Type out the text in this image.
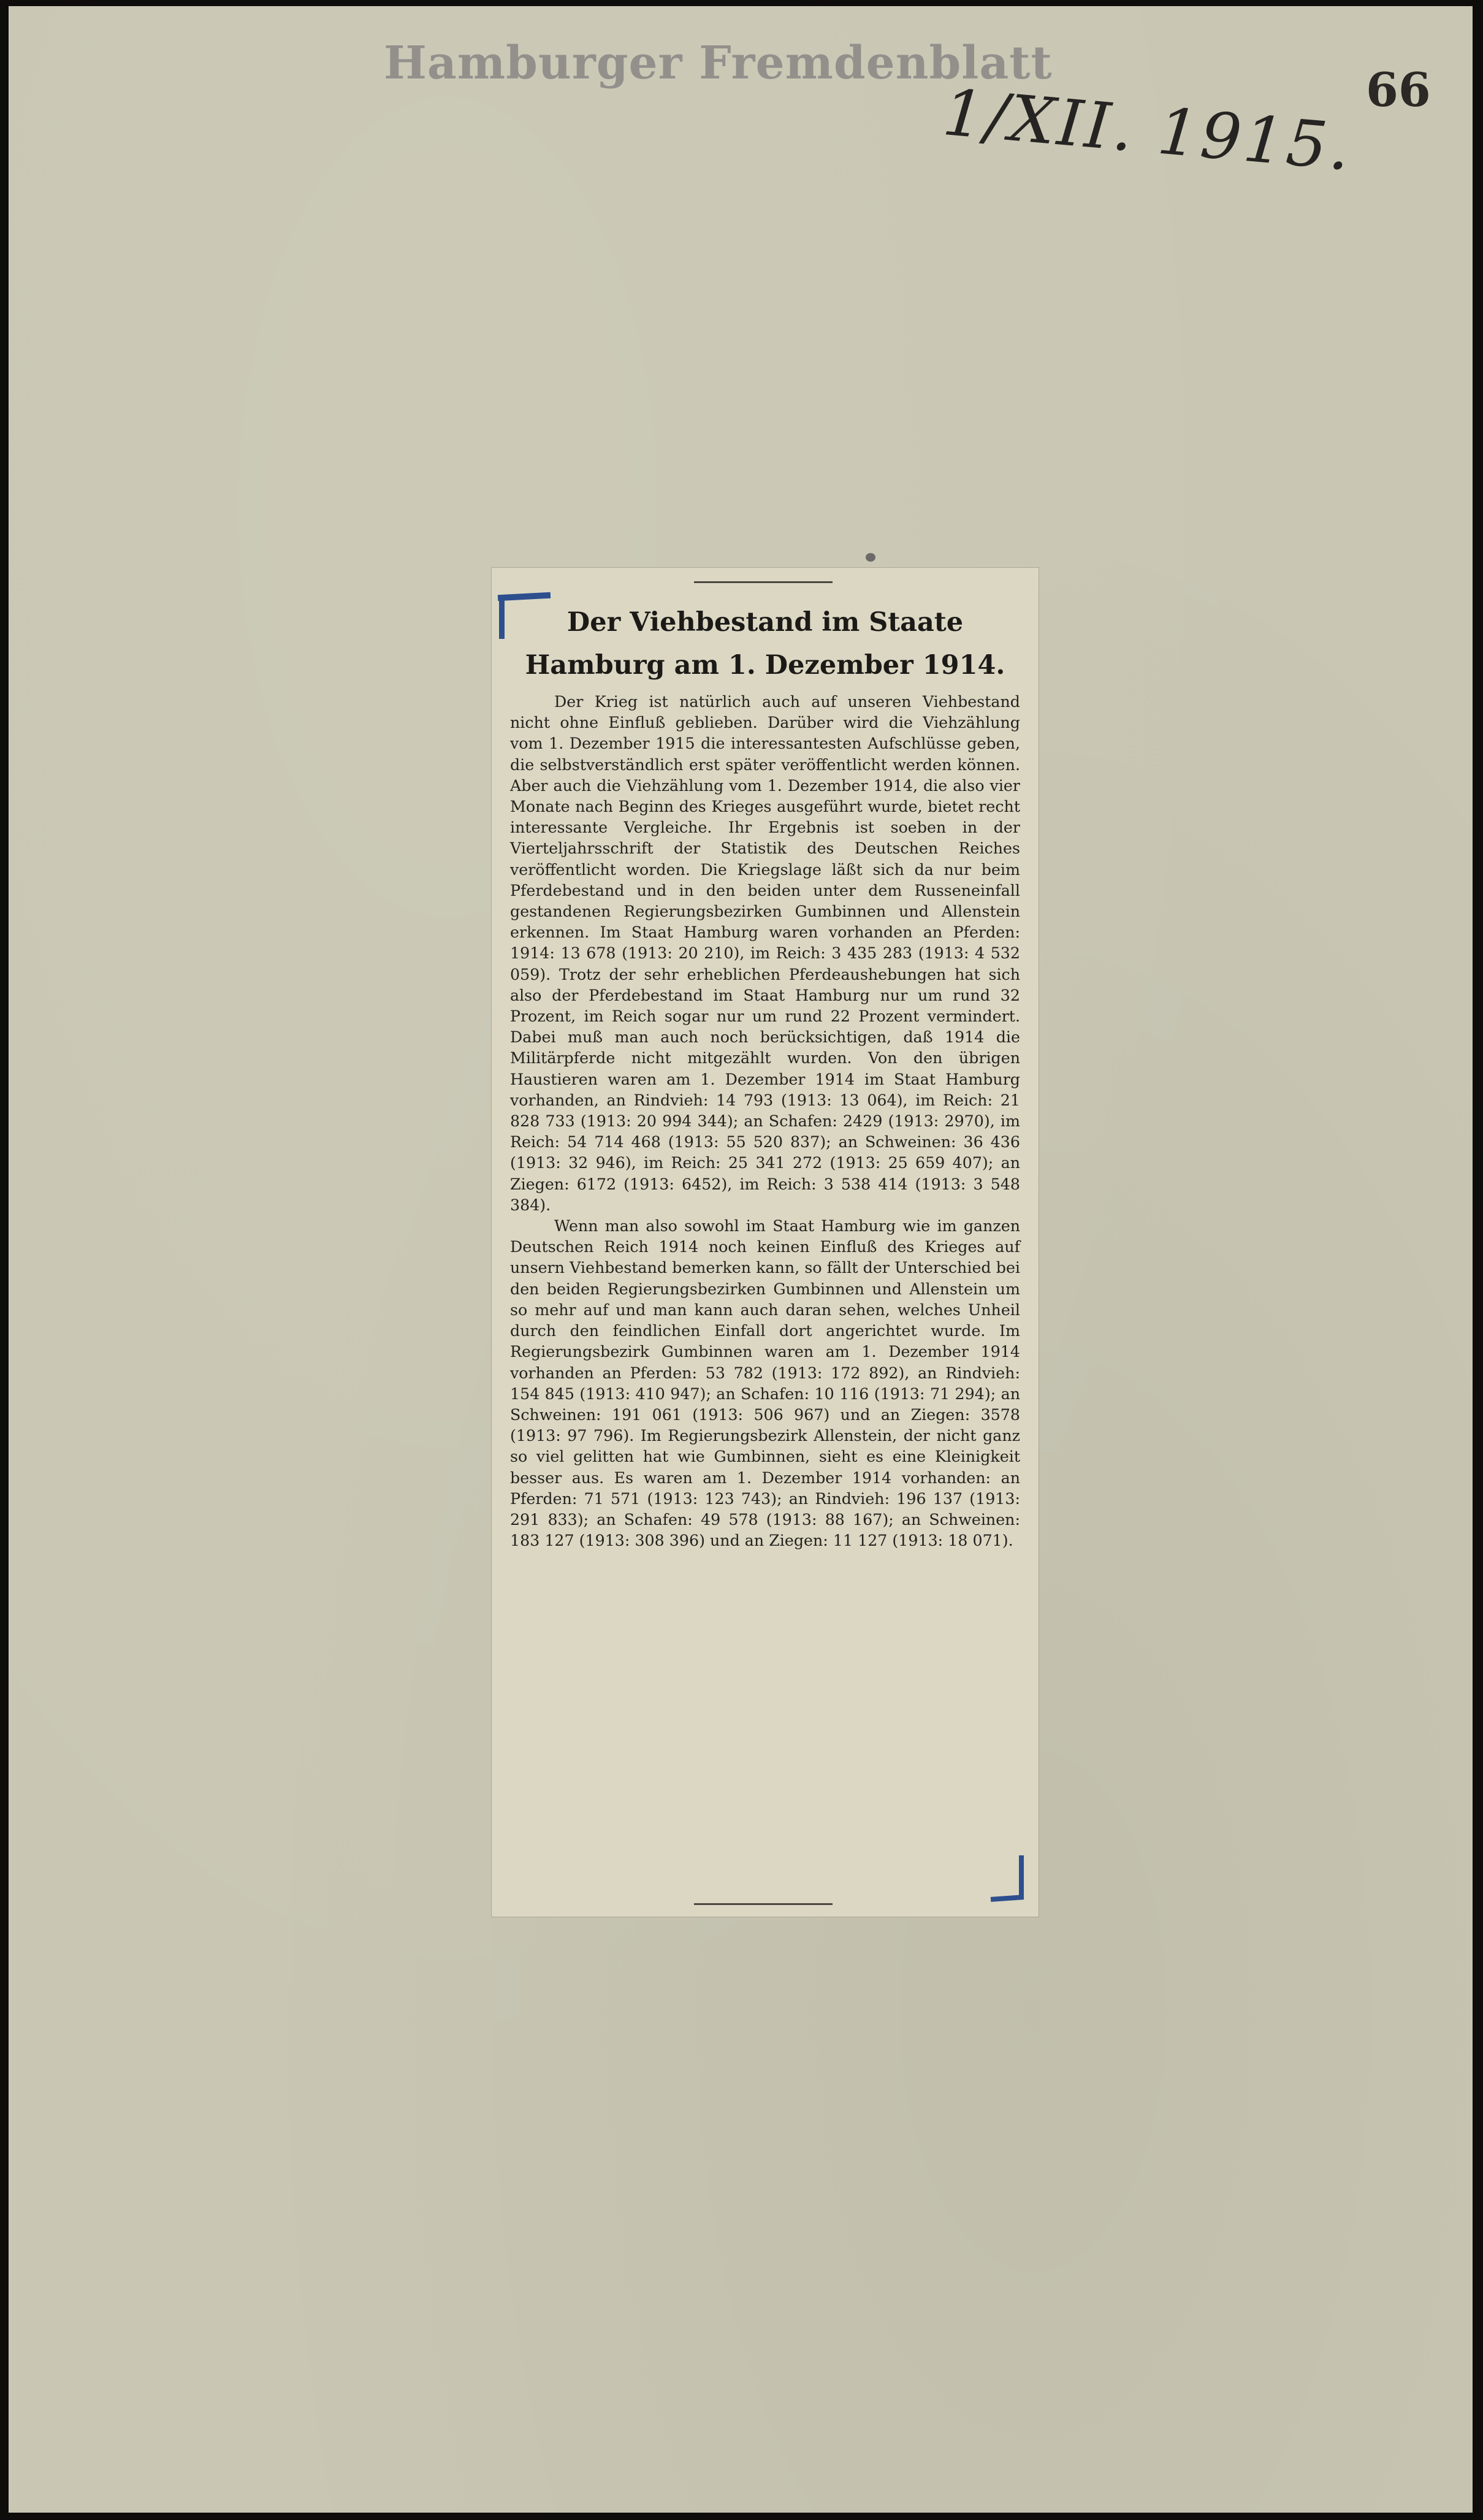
Hamburger Fremdenblatt
1/XII. 1915. 66
Der Viehbestand im Staate
Hamburg am 1. Dezember 1914.

Der Krieg ist natürlich auch auf unseren Viehbestand nicht ohne Einfluß geblieben. Darüber wird die Viehzählung vom 1. Dezember 1915 die interessantesten Aufschlüsse geben, die selbstverständlich erst später veröffentlicht werden können. Aber auch die Viehzählung vom 1. Dezember 1914, die also vier Monate nach Beginn des Krieges ausgeführt wurde, bietet recht interessante Vergleiche. Ihr Ergebnis ist soeben in der Vierteljahrsschrift der Statistik des Deutschen Reiches veröffentlicht worden. Die Kriegslage läßt sich da nur beim Pferdebestand und in den beiden unter dem Russeneinfall gestandenen Regierungsbezirken Gumbinnen und Allenstein erkennen. Im Staat Hamburg waren vorhanden an Pferden: 1914: 13 678 (1913: 20 210), im Reich: 3 435 283 (1913: 4 532 059). Trotz der sehr erheblichen Pferdeaushebungen hat sich also der Pferdebestand im Staat Hamburg nur um rund 32 Prozent, im Reich sogar nur um rund 22 Prozent vermindert. Dabei muß man auch noch berücksichtigen, daß 1914 die Militärpferde nicht mitgezählt wurden. Von den übrigen Haustieren waren am 1. Dezember 1914 im Staat Hamburg vorhanden, an Rindvieh: 14 793 (1913: 13 064), im Reich: 21 828 733 (1913: 20 994 344); an Schafen: 2429 (1913: 2970), im Reich: 54 714 468 (1913: 55 520 837); an Schweinen: 36 436 (1913: 32 946), im Reich: 25 341 272 (1913: 25 659 407); an Ziegen: 6172 (1913: 6452), im Reich: 3 538 414 (1913: 3 548 384).

Wenn man also sowohl im Staat Hamburg wie im ganzen Deutschen Reich 1914 noch keinen Einfluß des Krieges auf unsern Viehbestand bemerken kann, so fällt der Unterschied bei den beiden Regierungsbezirken Gumbinnen und Allenstein um so mehr auf und man kann auch daran sehen, welches Unheil durch den feindlichen Einfall dort angerichtet wurde. Im Regierungsbezirk Gumbinnen waren am 1. Dezember 1914 vorhanden an Pferden: 53 782 (1913: 172 892), an Rindvieh: 154 845 (1913: 410 947); an Schafen: 10 116 (1913: 71 294); an Schweinen: 191 061 (1913: 506 967) und an Ziegen: 3578 (1913: 97 796). Im Regierungsbezirk Allenstein, der nicht ganz so viel gelitten hat wie Gumbinnen, sieht es eine Kleinigkeit besser aus. Es waren am 1. Dezember 1914 vorhanden: an Pferden: 71 571 (1913: 123 743); an Rindvieh: 196 137 (1913: 291 833); an Schafen: 49 578 (1913: 88 167); an Schweinen: 183 127 (1913: 308 396) und an Ziegen: 11 127 (1913: 18 071).
